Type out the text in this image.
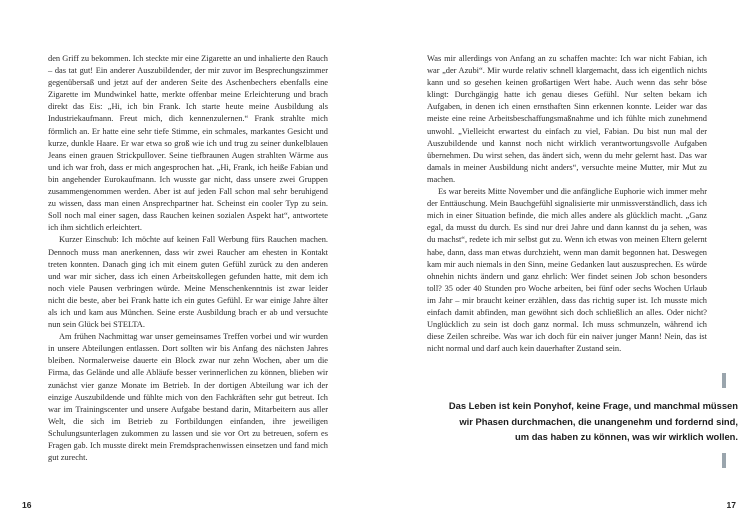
den Griff zu bekommen. Ich steckte mir eine Zigarette an und inhalierte den Rauch – das tat gut! Ein anderer Auszubildender, der mir zuvor im Besprechungszimmer gegenübersaß und jetzt auf der anderen Seite des Aschenbechers ebenfalls eine Zigarette im Mundwinkel hatte, merkte offenbar meine Erleichterung und brach direkt das Eis: „Hi, ich bin Frank. Ich starte heute meine Ausbildung als Industriekaufmann. Freut mich, dich kennenzulernen.“ Frank strahlte mich förmlich an. Er hatte eine sehr tiefe Stimme, ein schmales, markantes Gesicht und kurze, dunkle Haare. Er war etwa so groß wie ich und trug zu seiner dunkelblauen Jeans einen grauen Strickpullover. Seine tiefbraunen Augen strahlten Wärme aus und ich war froh, dass er mich angesprochen hat. „Hi, Frank, ich heiße Fabian und bin angehender Eurokaufmann. Ich wusste gar nicht, dass unsere zwei Gruppen zusammengenommen werden. Aber ist auf jeden Fall schon mal sehr beruhigend zu wissen, dass man einen Ansprechpartner hat. Scheinst ein cooler Typ zu sein. Soll noch mal einer sagen, dass Rauchen keinen sozialen Aspekt hat“, antwortete ich ihm sichtlich erleichtert.

Kurzer Einschub: Ich möchte auf keinen Fall Werbung fürs Rauchen machen. Dennoch muss man anerkennen, dass wir zwei Raucher am ehesten in Kontakt treten konnten. Danach ging ich mit einem guten Gefühl zurück zu den anderen und war mir sicher, dass ich einen Arbeitskollegen gefunden hatte, mit dem ich noch viele Pausen verbringen würde. Meine Menschenkenntnis ist zwar leider nicht die beste, aber bei Frank hatte ich ein gutes Gefühl. Er war einige Jahre älter als ich und kam aus München. Seine erste Ausbildung brach er ab und versuchte nun sein Glück bei STELTA.

Am frühen Nachmittag war unser gemeinsames Treffen vorbei und wir wurden in unsere Abteilungen entlassen. Dort sollten wir bis Anfang des nächsten Jahres bleiben. Normalerweise dauerte ein Block zwar nur zehn Wochen, aber um die Firma, das Gelände und alle Abläufe besser verinnerlichen zu können, blieben wir zunächst vier ganze Monate im Betrieb. In der dortigen Abteilung war ich der einzige Auszubildende und fühlte mich von den Fachkräften sehr gut betreut. Ich war im Trainingscenter und unsere Aufgabe bestand darin, Mitarbeitern aus aller Welt, die sich im Betrieb zu Fortbildungen einfanden, ihre jeweiligen Schulungsunterlagen zukommen zu lassen und sie vor Ort zu betreuen, sofern es Fragen gab. Ich musste direkt mein Fremdsprachenwissen einsetzen und fand mich gut zurecht.

16

Was mir allerdings von Anfang an zu schaffen machte: Ich war nicht Fabian, ich war „der Azubi“. Mir wurde relativ schnell klargemacht, dass ich eigentlich nichts kann und so gesehen keinen großartigen Wert habe. Auch wenn das sehr böse klingt: Durchgängig hatte ich genau dieses Gefühl. Nur selten bekam ich Aufgaben, in denen ich einen ernsthaften Sinn erkennen konnte. Leider war das meiste eine reine Arbeitsbeschaffungsmaßnahme und ich fühlte mich zunehmend unwohl. „Vielleicht erwartest du einfach zu viel, Fabian. Du bist nun mal der Auszubildende und kannst noch nicht wirklich verantwortungsvolle Aufgaben übernehmen. Du wirst sehen, das ändert sich, wenn du mehr gelernt hast. Das war damals in meiner Ausbildung nicht anders“, versuchte meine Mutter, mir Mut zu machen.

Es war bereits Mitte November und die anfängliche Euphorie wich immer mehr der Enttäuschung. Mein Bauchgefühl signalisierte mir unmissverständlich, dass ich mich in einer Situation befinde, die mich alles andere als glücklich macht. „Ganz egal, da musst du durch. Es sind nur drei Jahre und dann kannst du ja sehen, was du machst“, redete ich mir selbst gut zu. Wenn ich etwas von meinen Eltern gelernt habe, dann, dass man etwas durchzieht, wenn man damit begonnen hat. Deswegen kam mir auch niemals in den Sinn, meine Gedanken laut auszusprechen. Es würde ohnehin nichts ändern und ganz ehrlich: Wer findet seinen Job schon besonders toll? 35 oder 40 Stunden pro Woche arbeiten, bei fünf oder sechs Wochen Urlaub im Jahr – mir braucht keiner erzählen, dass das richtig super ist. Ich musste mich einfach damit abfinden, man gewöhnt sich doch schließlich an alles. Oder nicht? Unglücklich zu sein ist doch ganz normal. Ich muss schmunzeln, während ich diese Zeilen schreibe. Was war ich doch für ein naiver junger Mann! Nein, das ist nicht normal und darf auch kein dauerhafter Zustand sein.

Das Leben ist kein Ponyhof, keine Frage, und manchmal müssen
wir Phasen durchmachen, die unangenehm und fordernd sind,
um das haben zu können, was wir wirklich wollen.
17
